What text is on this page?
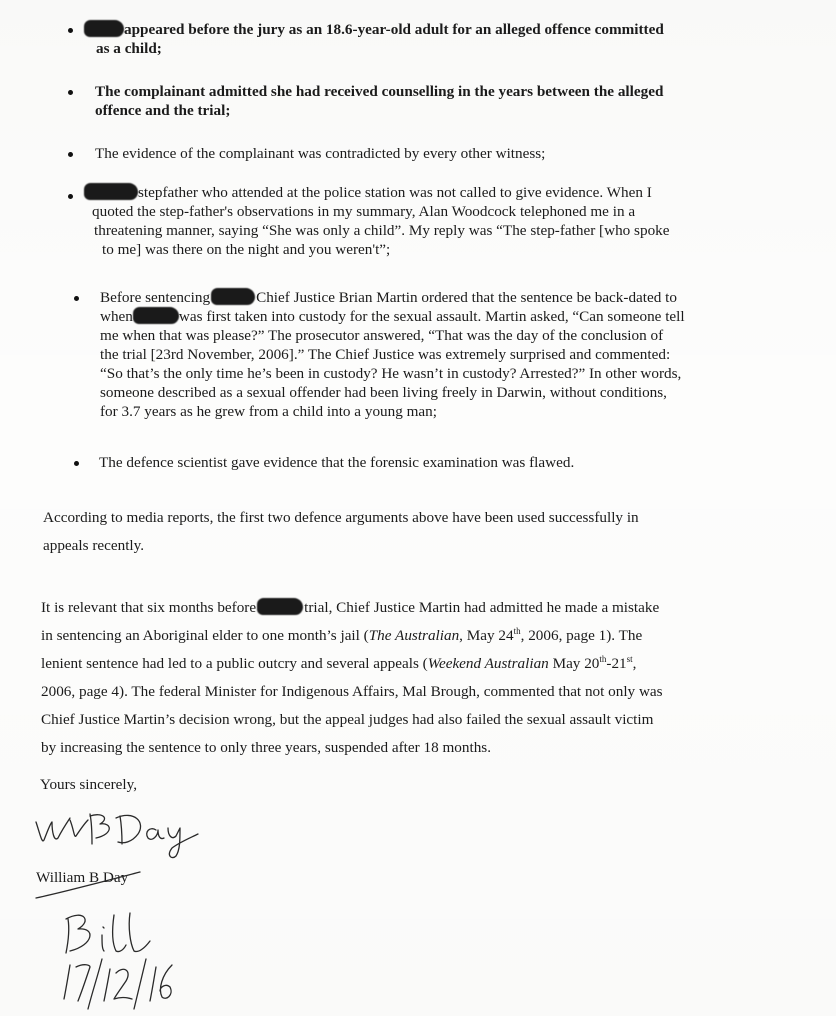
appeared before the jury as an 18.6-year-old adult for an alleged offence committed
as a child;
The complainant admitted she had received counselling in the years between the alleged
offence and the trial;
The evidence of the complainant was contradicted by every other witness;
stepfather who attended at the police station was not called to give evidence. When I
quoted the step-father's observations in my summary, Alan Woodcock telephoned me in a
threatening manner, saying “She was only a child”. My reply was “The step-father [who spoke
to me] was there on the night and you weren't”;
Before sentencing	Chief Justice Brian Martin ordered that the sentence be back-dated to
when	was first taken into custody for the sexual assault. Martin asked, “Can someone tell
me when that was please?” The prosecutor answered, “That was the day of the conclusion of
the trial [23rd November, 2006].” The Chief Justice was extremely surprised and commented:
“So that’s the only time he’s been in custody? He wasn’t in custody? Arrested?” In other words,
someone described as a sexual offender had been living freely in Darwin, without conditions,
for 3.7 years as he grew from a child into a young man;
The defence scientist gave evidence that the forensic examination was flawed.
According to media reports, the first two defence arguments above have been used successfully in
appeals recently.
It is relevant that six months before	trial, Chief Justice Martin had admitted he made a mistake
in sentencing an Aboriginal elder to one month’s jail (The Australian, May 24th, 2006, page 1). The
lenient sentence had led to a public outcry and several appeals (Weekend Australian May 20th-21st,
2006, page 4). The federal Minister for Indigenous Affairs, Mal Brough, commented that not only was
Chief Justice Martin’s decision wrong, but the appeal judges had also failed the sexual assault victim
by increasing the sentence to only three years, suspended after 18 months.
Yours sincerely,
William B Day
